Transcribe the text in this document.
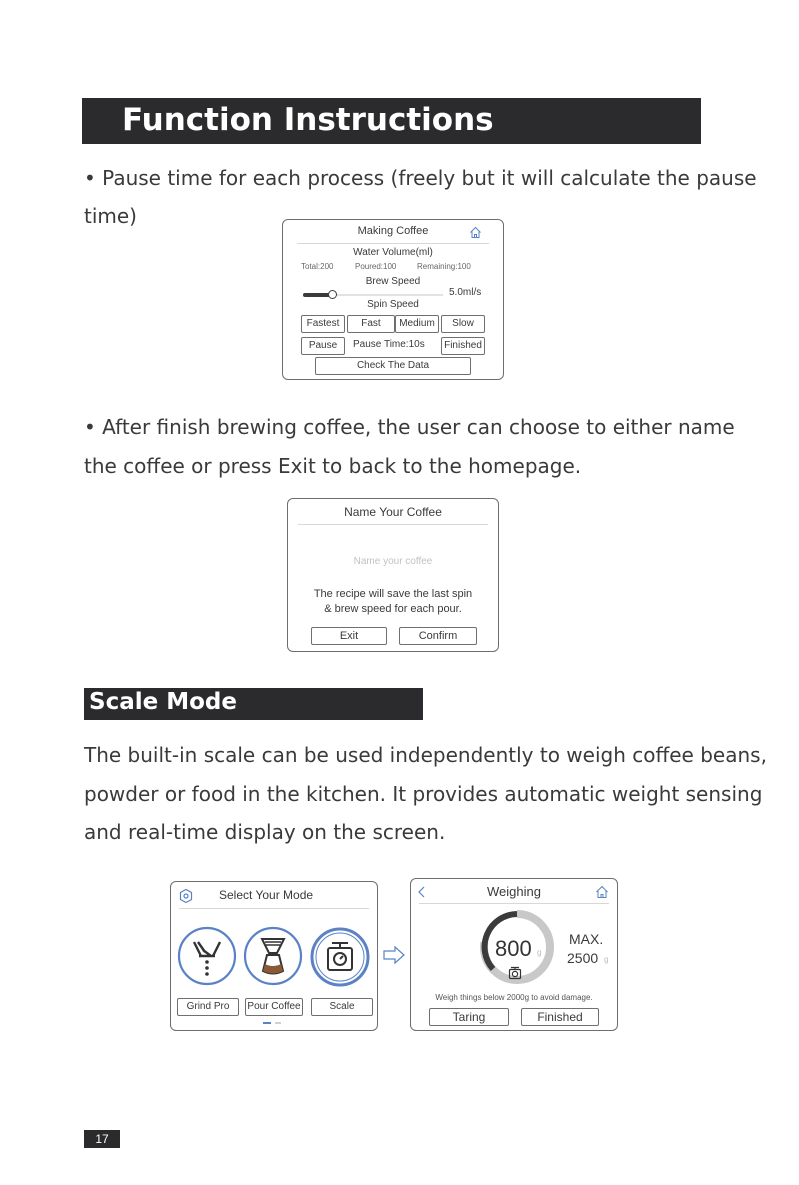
Function Instructions
• Pause time for each process (freely but it will calculate the pause
time)
Making Coffee
Water Volume(ml)
Total:200	Poured:100	Remaining:100
Brew Speed
5.0ml/s
Spin Speed
Fastest	Fast	Medium	Slow
Pause	Pause Time:10s	Finished
Check The Data
• After finish brewing coffee, the user can choose to either name
the coffee or press Exit to back to the homepage.
Name Your Coffee
Name your coffee
The recipe will save the last spin
& brew speed for each pour.
Exit	Confirm
Scale Mode
The built-in scale can be used independently to weigh coffee beans,
powder or food in the kitchen. It provides automatic weight sensing
and real-time display on the screen.
Select Your Mode
Grind Pro	Pour Coffee	Scale
Weighing
800 g
MAX.
2500 g
Weigh things below 2000g to avoid damage.
Taring	Finished
17
